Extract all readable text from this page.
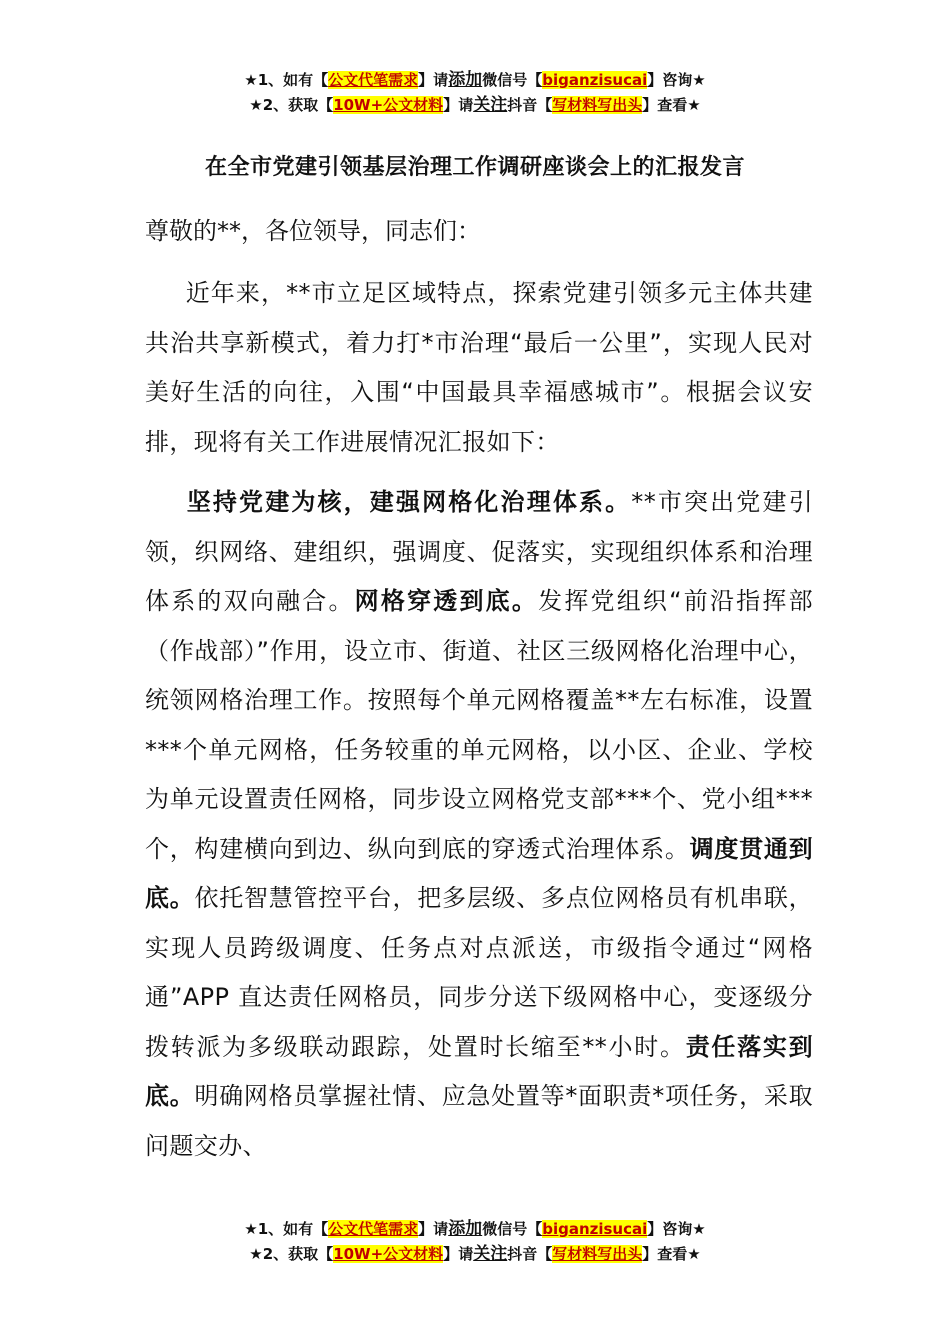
★1、如有【公文代笔需求】请添加微信号【biganzisucai】咨询★
★2、获取【10W+公文材料】请关注抖音【写材料写出头】查看★
在全市党建引领基层治理工作调研座谈会上的汇报发言
尊敬的**，各位领导，同志们：
近年来，**市立足区域特点，探索党建引领多元主体共建共治共享新模式，着力打*市治理“最后一公里”，实现人民对美好生活的向往，入围“中国最具幸福感城市”。根据会议安排，现将有关工作进展情况汇报如下：
坚持党建为核，建强网格化治理体系。**市突出党建引领，织网络、建组织，强调度、促落实，实现组织体系和治理体系的双向融合。网格穿透到底。发挥党组织“前沿指挥部（作战部）”作用，设立市、街道、社区三级网格化治理中心，统领网格治理工作。按照每个单元网格覆盖**左右标准，设置***个单元网格，任务较重的单元网格，以小区、企业、学校为单元设置责任网格，同步设立网格党支部***个、党小组***个，构建横向到边、纵向到底的穿透式治理体系。调度贯通到底。依托智慧管控平台，把多层级、多点位网格员有机串联，实现人员跨级调度、任务点对点派送，市级指令通过“网格通”APP 直达责任网格员，同步分送下级网格中心，变逐级分拨转派为多级联动跟踪，处置时长缩至**小时。责任落实到底。明确网格员掌握社情、应急处置等*面职责*项任务，采取问题交办、
★1、如有【公文代笔需求】请添加微信号【biganzisucai】咨询★
★2、获取【10W+公文材料】请关注抖音【写材料写出头】查看★
